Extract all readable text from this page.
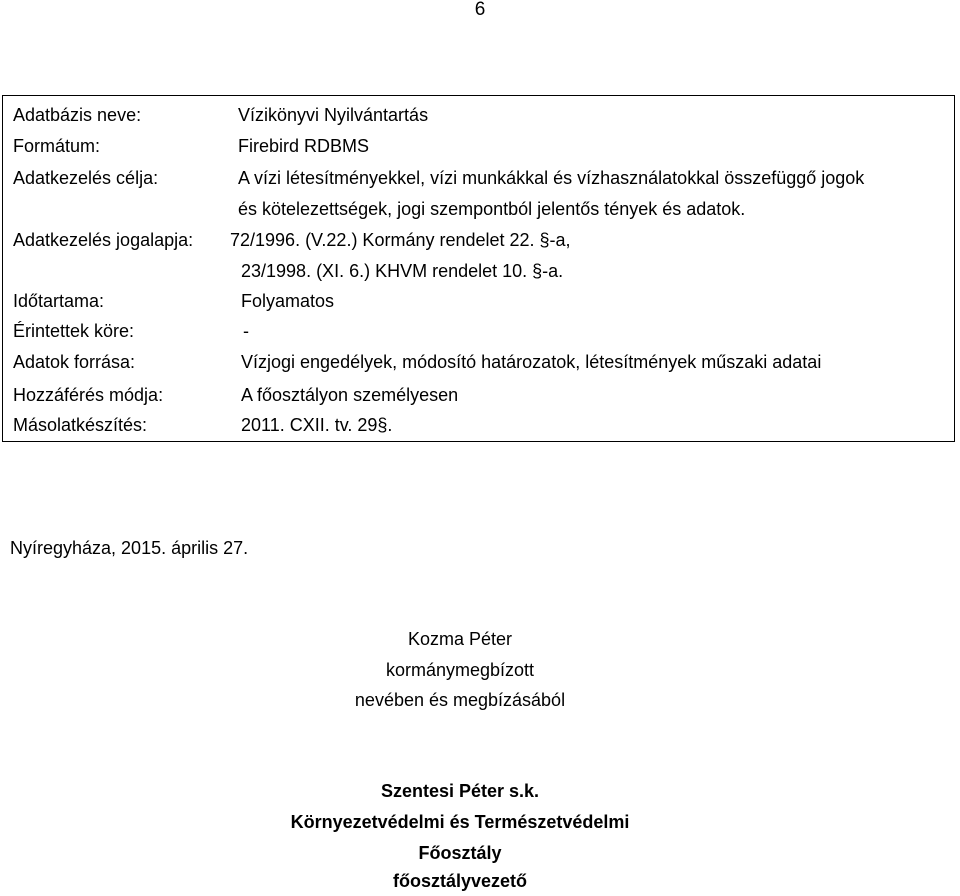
6
Adatbázis neve:	Vízikönyvi Nyilvántartás
Formátum:	Firebird RDBMS
Adatkezelés célja:	A vízi létesítményekkel, vízi munkákkal és vízhasználatokkal összefüggő jogok
és kötelezettségek, jogi szempontból jelentős tények és adatok.
Adatkezelés jogalapja: 72/1996. (V.22.) Kormány rendelet 22. §-a,
23/1998. (XI. 6.) KHVM rendelet 10. §-a.
Időtartama:	Folyamatos
Érintettek köre:	-
Adatok forrása:	Vízjogi engedélyek, módosító határozatok, létesítmények műszaki adatai
Hozzáférés módja:	A főosztályon személyesen
Másolatkészítés:	2011. CXII. tv. 29§.
Nyíregyháza, 2015. április 27.
Kozma Péter
kormánymegbízott
nevében és megbízásából
Szentesi Péter s.k.
Környezetvédelmi és Természetvédelmi
Főosztály
főosztályvezető
